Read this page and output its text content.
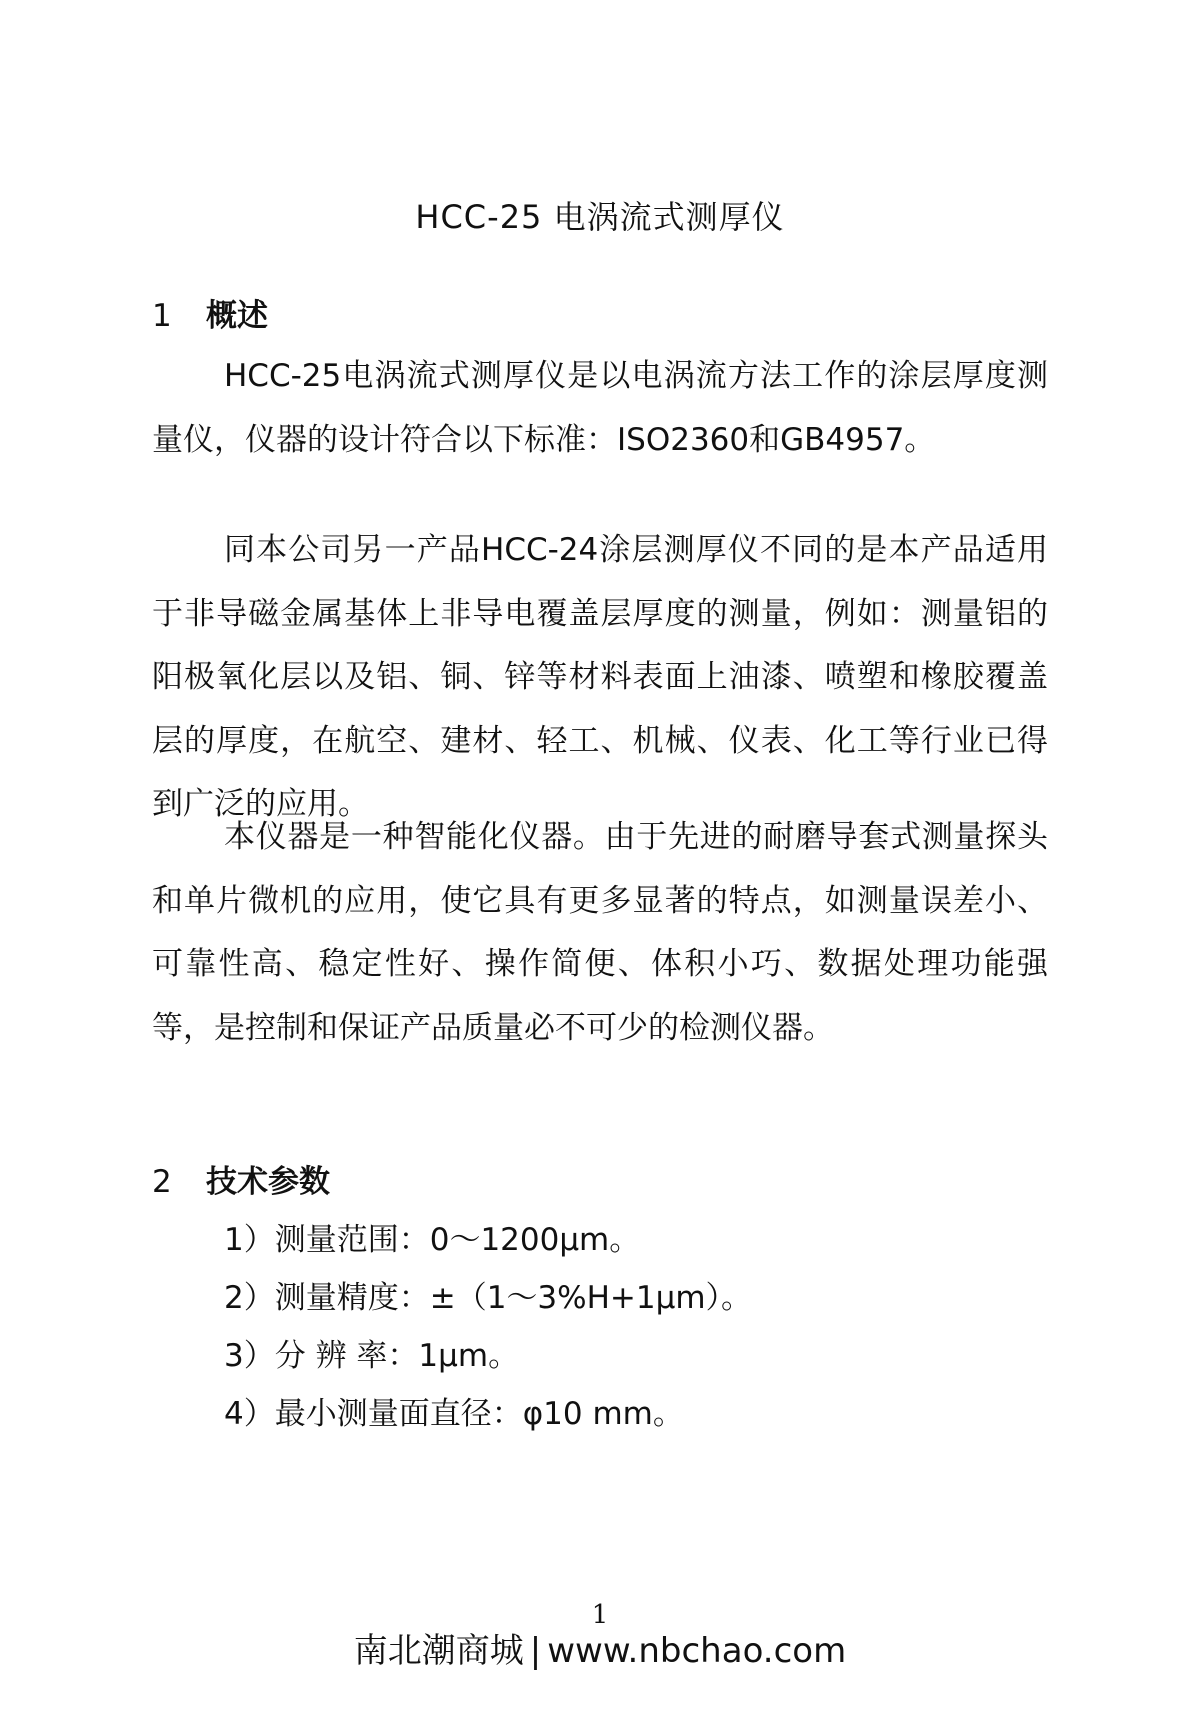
HCC-25 电涡流式测厚仪
1 概述

HCC-25电涡流式测厚仪是以电涡流方法工作的涂层厚度测量仪，仪器的设计符合以下标准：ISO2360和GB4957。

同本公司另一产品HCC-24涂层测厚仪不同的是本产品适用于非导磁金属基体上非导电覆盖层厚度的测量，例如：测量铝的阳极氧化层以及铝、铜、锌等材料表面上油漆、喷塑和橡胶覆盖层的厚度，在航空、建材、轻工、机械、仪表、化工等行业已得到广泛的应用。

本仪器是一种智能化仪器。由于先进的耐磨导套式测量探头和单片微机的应用，使它具有更多显著的特点，如测量误差小、可靠性高、稳定性好、操作简便、体积小巧、数据处理功能强等，是控制和保证产品质量必不可少的检测仪器。

2 技术参数
1）测量范围：0～1200μm。
2）测量精度：±（1～3%H+1μm）。
3）分 辨 率：1μm。
4）最小测量面直径：φ10 mm。
1
南北潮商城 | www.nbchao.com
